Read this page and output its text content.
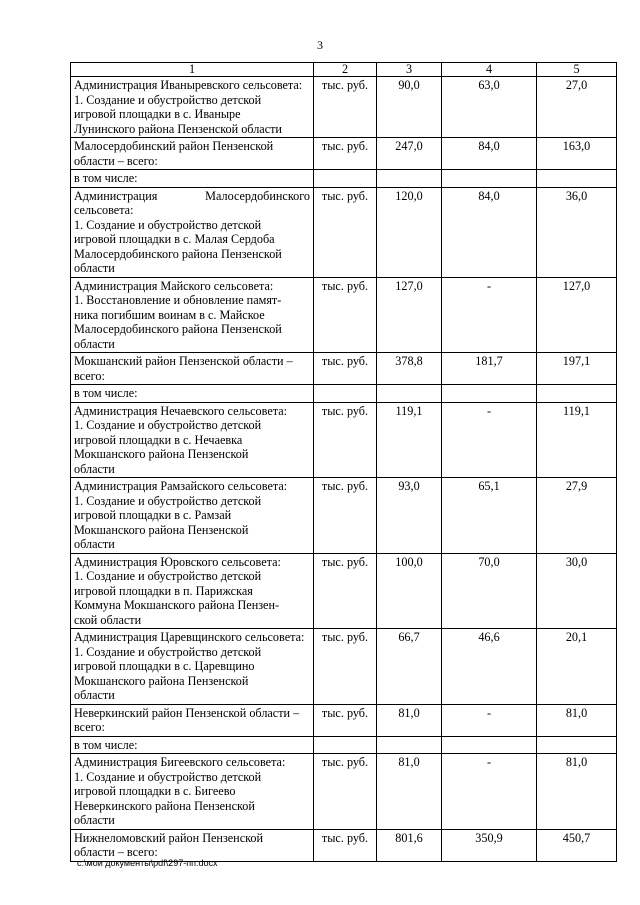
3
1	2	3	4	5

Администрация Иваныревского сельсовета:
1. Создание и обустройство детской
игровой площадки в с. Иваныре
Лунинского района Пензенской области	тыс. руб.	90,0	63,0	27,0

Малосердобинский район Пензенской
области – всего:	тыс. руб.	247,0	84,0	163,0

в том числе:				

Администрация Малосердобинского сельсовета:
1. Создание и обустройство детской
игровой площадки в с. Малая Сердоба
Малосердобинского района Пензенской
области	тыс. руб.	120,0	84,0	36,0

Администрация Майского сельсовета:
1. Восстановление и обновление памят-
ника погибшим воинам в с. Майское
Малосердобинского района Пензенской
области	тыс. руб.	127,0	-	127,0

Мокшанский район Пензенской области –
всего:	тыс. руб.	378,8	181,7	197,1

в том числе:				

Администрация Нечаевского сельсовета:
1. Создание и обустройство детской
игровой площадки в с. Нечаевка
Мокшанского района Пензенской
области	тыс. руб.	119,1	-	119,1

Администрация Рамзайского сельсовета:
1. Создание и обустройство детской
игровой площадки в с. Рамзай
Мокшанского района Пензенской
области	тыс. руб.	93,0	65,1	27,9

Администрация Юровского сельсовета:
1. Создание и обустройство детской
игровой площадки в п. Парижская
Коммуна Мокшанского района Пензен-
ской области	тыс. руб.	100,0	70,0	30,0

Администрация Царевщинского сельсовета:
1. Создание и обустройство детской
игровой площадки в с. Царевщино
Мокшанского района Пензенской
области	тыс. руб.	66,7	46,6	20,1

Неверкинский район Пензенской области –
всего:	тыс. руб.	81,0	-	81,0

в том числе:				

Администрация Бигеевского сельсовета:
1. Создание и обустройство детской
игровой площадки в с. Бигеево
Неверкинского района Пензенской
области	тыс. руб.	81,0	-	81,0

Нижнеломовский район Пензенской
области – всего:	тыс. руб.	801,6	350,9	450,7
c:\мои документы\pdf\297-пп.docx
